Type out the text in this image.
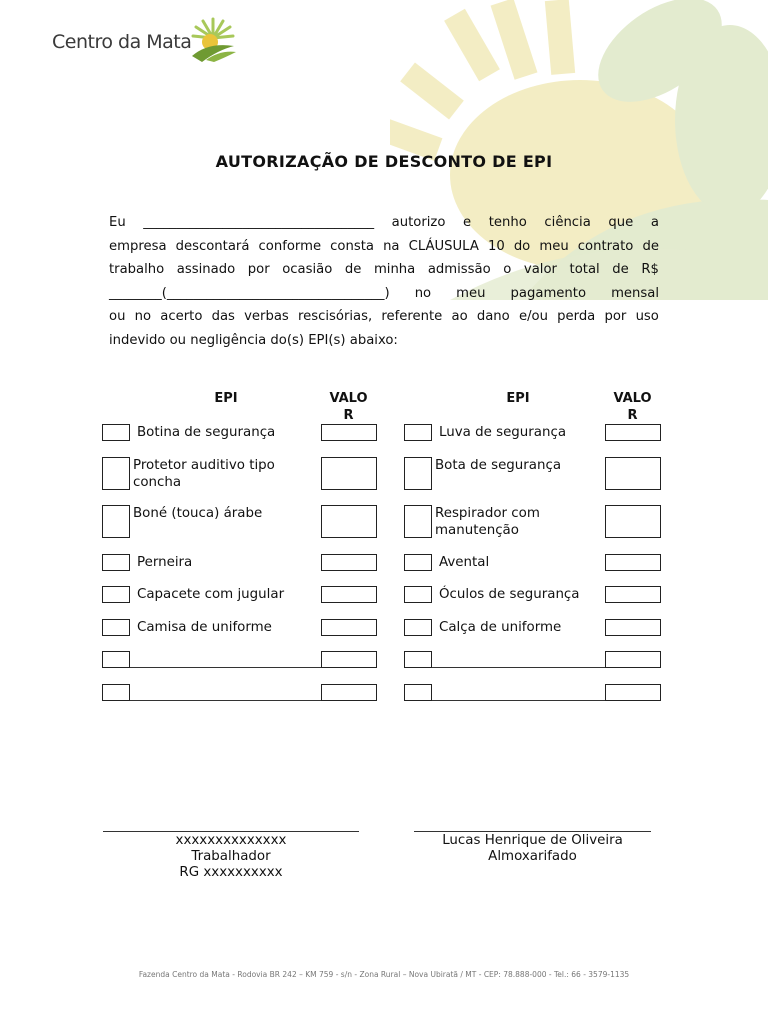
Centro da Mata
AUTORIZAÇÃO DE DESCONTO DE EPI
Eu ___________________________________ autorizo e tenho ciência que a
empresa descontará conforme consta na CLÁUSULA 10 do meu contrato de
trabalho assinado por ocasião de minha admissão o valor total de R$
________(_________________________________) no meu pagamento mensal
ou no acerto das verbas rescisórias, referente ao dano e/ou perda por uso
indevido ou negligência do(s) EPI(s) abaixo:
EPI	VALO
R
EPI	VALO
R
Botina de segurança
Protetor auditivo tipo concha
Boné (touca) árabe
Perneira
Capacete com jugular
Camisa de uniforme
Luva de segurança
Bota de segurança
Respirador com manutenção
Avental
Óculos de segurança
Calça de uniforme
xxxxxxxxxxxxxx
Trabalhador
RG xxxxxxxxxx
Lucas Henrique de Oliveira
Almoxarifado
Fazenda Centro da Mata - Rodovia BR 242 – KM 759 - s/n - Zona Rural – Nova Ubiratã / MT - CEP: 78.888-000 - Tel.: 66 - 3579-1135
